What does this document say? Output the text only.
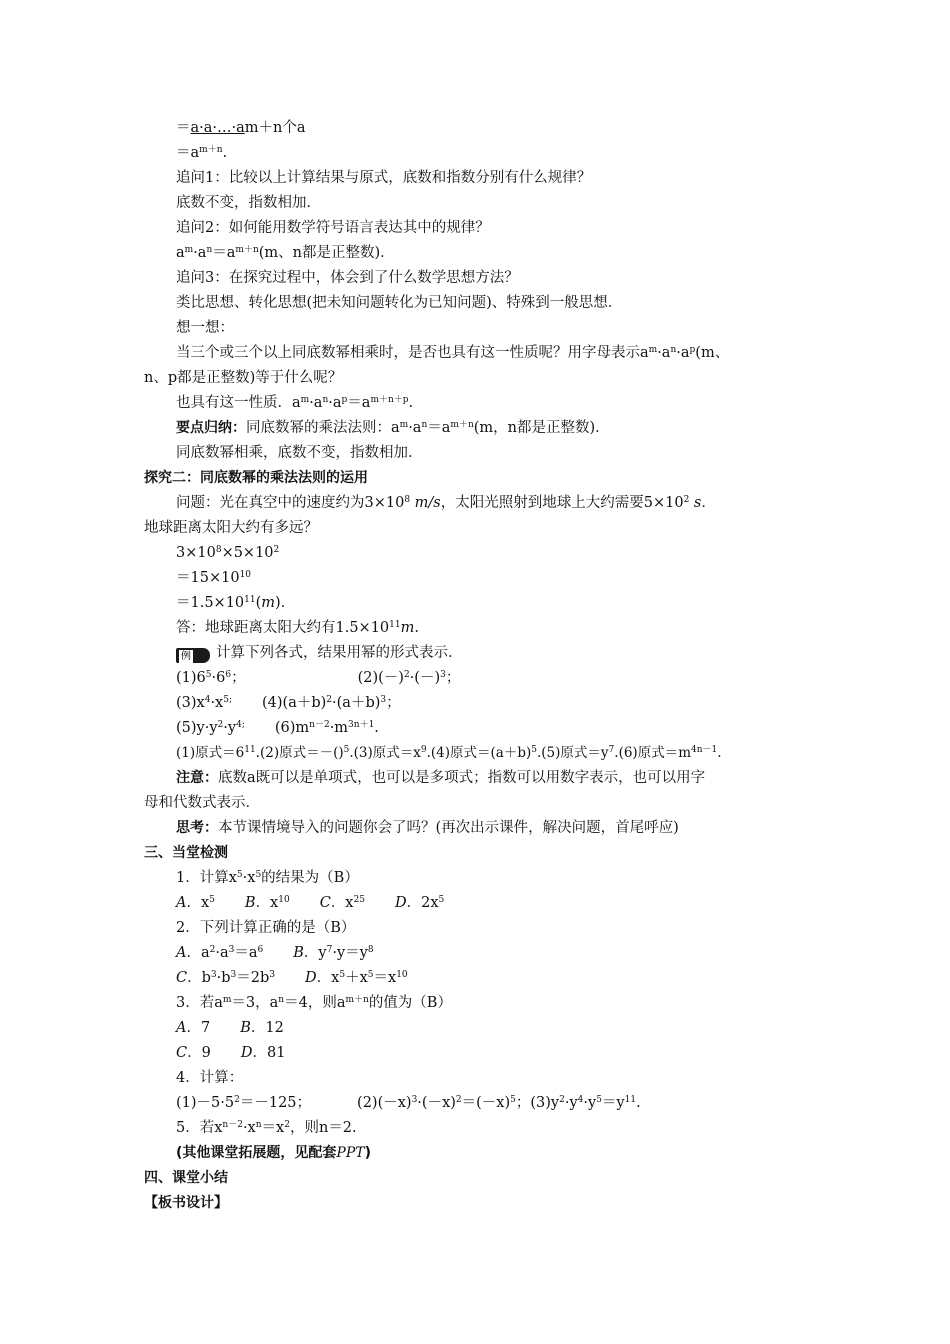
＝a·a·…·am＋n个a
$=a^{m+n}$.
追问1：比较以上计算结果与原式，底数和指数分别有什么规律？
底数不变，指数相加．
追问2：如何能用数学符号语言表达其中的规律？
$a^m\cdot a^n=a^{m+n}(m$、n都是正整数)．
追问3：在探究过程中，体会到了什么数学思想方法？
类比思想、转化思想(把未知问题转化为已知问题)、特殊到一般思想．
想一想：
当三个或三个以上同底数幂相乘时，是否也具有这一性质呢？用字母表示$a^m\cdot a^n\cdot a^p(m$、
n、p都是正整数)等于什么呢？
也具有这一性质．$a^m\cdot a^n\cdot a^p=a^{m+n+p}$.
要点归纳：同底数幂的乘法法则：$a^m\cdot a^n=a^{m+n}(m$，n都是正整数)．
同底数幂相乘，底数不变，指数相加．
探究二：同底数幂的乘法法则的运用
问题：光在真空中的速度约为$3\times 10^8$ m/s，太阳光照射到地球上大约需要$5\times 10^2$ s．
地球距离太阳大约有多远？
$3\times 10^8\times 5\times 10^2$
$=15\times 10^{10}$
$=1.5\times 10^{11}(m)$．
答：地球距离太阳大约有$1.5\times 10^{11}m$.
例 计算下列各式，结果用幂的形式表示．
$(1)6^5\cdot 6^6$；	$(2)(-)^2\cdot(-)^3$；
$(3)x^4\cdot x^{5;}$ $(4)(a+b)^2\cdot(a+b)^3$；
$(5)y\cdot y^2\cdot y^{4;}$ $(6)m^{n-2}\cdot m^{3n+1}$.
(1)原式$=6^{11}.(2)$原式＝－()$^5$.(3)原式$=x^9.(4)$原式$=(a+b)^5.(5)$原式$=y^7.(6)$原式$=m^{4n-1}$.
注意：底数a既可以是单项式，也可以是多项式；指数可以用数字表示，也可以用字
母和代数式表示．
思考：本节课情境导入的问题你会了吗？(再次出示课件，解决问题，首尾呼应)
三、当堂检测
1．计算$x^5\cdot x^5$的结果为（B）
A．$x^5$ B．$x^{10}$ C．$x^{25}$ D．$2x^5$
2．下列计算正确的是（B）
A．$a^2\cdot a^3=a^6$ B．$y^7\cdot y=y^8$
C．$b^3\cdot b^3=2b^3$ D．$x^5+x^5=x^{10}$
3．若$a^m=3$，$a^n=4$，则$a^{m+n}$的值为（B）
A．7 B．12
C．9 D．81
4．计算：
$(1)-5\cdot 5^2=-125$；	$(2)(-x)^3\cdot(-x)^2=(-x)^5$；$(3)y^2\cdot y^4\cdot y^5=y^{11}$.
5．若$x^{n-2}\cdot x^n=x^2$，则n＝2.
(其他课堂拓展题，见配套PPT)
四、课堂小结
【板书设计】
